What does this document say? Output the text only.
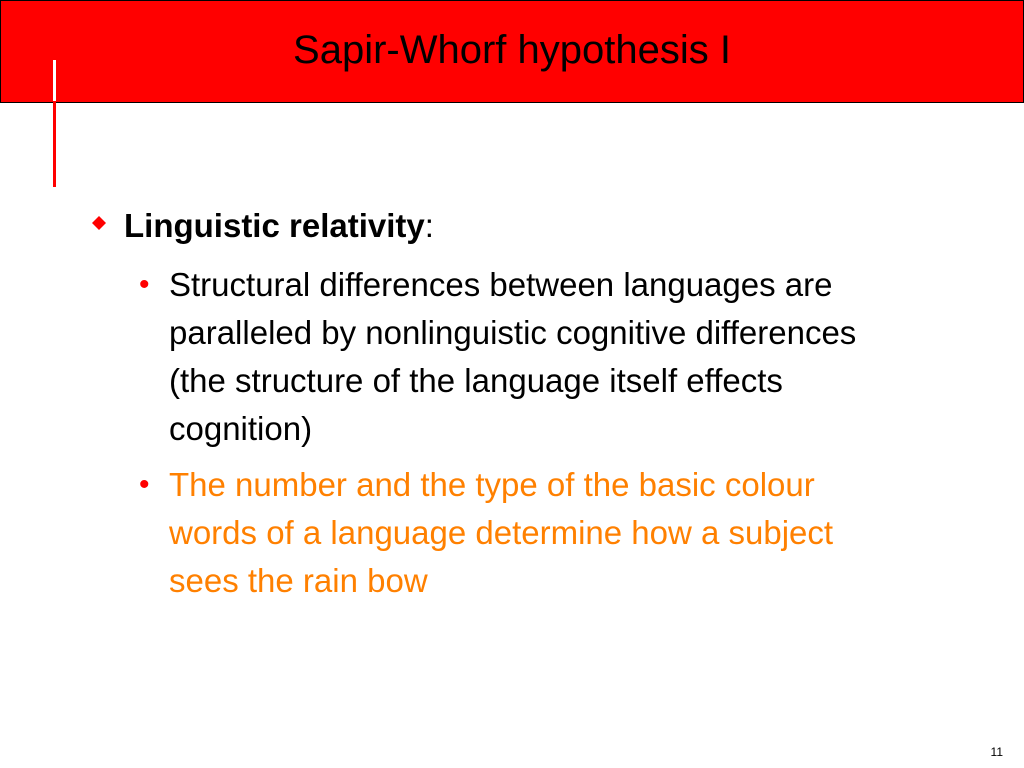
Sapir-Whorf hypothesis I
Linguistic relativity:
• Structural differences between languages are
paralleled by nonlinguistic cognitive differences
(the structure of the language itself effects
cognition)
• The number and the type of the basic colour
words of a language determine how a subject
sees the rain bow
11
